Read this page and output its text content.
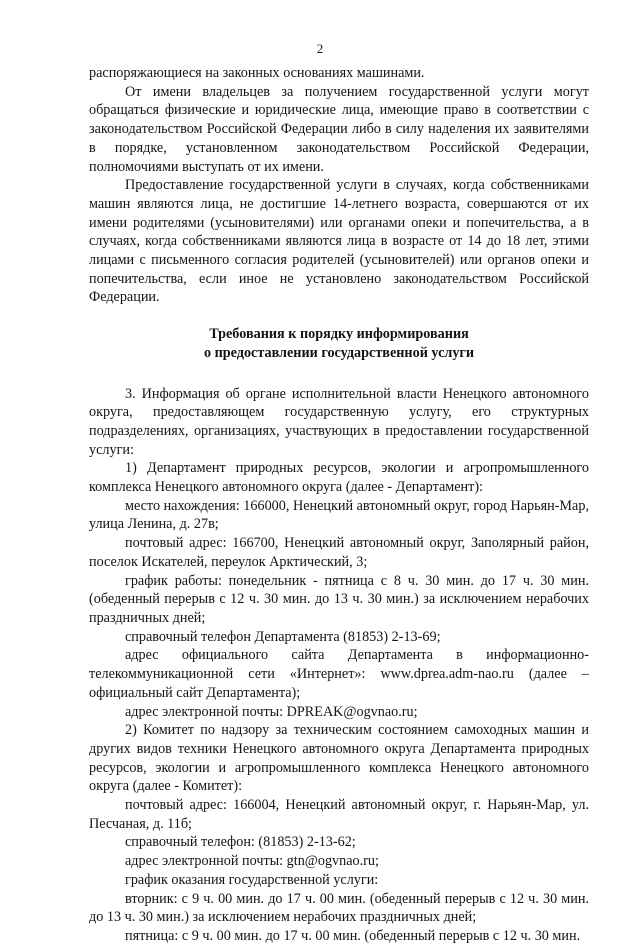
2

распоряжающиеся на законных основаниях машинами.

От имени владельцев за получением государственной услуги могут обращаться физические и юридические лица, имеющие право в соответствии с законодательством Российской Федерации либо в силу наделения их заявителями в порядке, установленном законодательством Российской Федерации, полномочиями выступать от их имени.

Предоставление государственной услуги в случаях, когда собственниками машин являются лица, не достигшие 14-летнего возраста, совершаются от их имени родителями (усыновителями) или органами опеки и попечительства, а в случаях, когда собственниками являются лица в возрасте от 14 до 18 лет, этими лицами с письменного согласия родителей (усыновителей) или органов опеки и попечительства, если иное не установлено законодательством Российской Федерации.

Требования к порядку информирования
о предоставлении государственной услуги

3. Информация об органе исполнительной власти Ненецкого автономного округа, предоставляющем государственную услугу, его структурных подразделениях, организациях, участвующих в предоставлении государственной услуги:

1) Департамент природных ресурсов, экологии и агропромышленного комплекса Ненецкого автономного округа (далее - Департамент):

место нахождения: 166000, Ненецкий автономный округ, город Нарьян-Мар, улица Ленина, д. 27в;

почтовый адрес: 166700, Ненецкий автономный округ, Заполярный район, поселок Искателей, переулок Арктический, 3;

график работы: понедельник - пятница с 8 ч. 30 мин. до 17 ч. 30 мин. (обеденный перерыв с 12 ч. 30 мин. до 13 ч. 30 мин.) за исключением нерабочих праздничных дней;

справочный телефон Департамента (81853) 2-13-69;

адрес официального сайта Департамента в информационно-телекоммуникационной сети «Интернет»: www.dprea.adm-nao.ru (далее – официальный сайт Департамента);

адрес электронной почты: DPREAK@ogvnao.ru;

2) Комитет по надзору за техническим состоянием самоходных машин и других видов техники Ненецкого автономного округа Департамента природных ресурсов, экологии и агропромышленного комплекса Ненецкого автономного округа (далее - Комитет):

почтовый адрес: 166004, Ненецкий автономный округ, г. Нарьян-Мар, ул. Песчаная, д. 11б;

справочный телефон: (81853) 2-13-62;

адрес электронной почты: gtn@ogvnao.ru;

график оказания государственной услуги:

вторник: с 9 ч. 00 мин. до 17 ч. 00 мин. (обеденный перерыв с 12 ч. 30 мин. до 13 ч. 30 мин.) за исключением нерабочих праздничных дней;

пятница: с 9 ч. 00 мин. до 17 ч. 00 мин. (обеденный перерыв с 12 ч. 30 мин.
